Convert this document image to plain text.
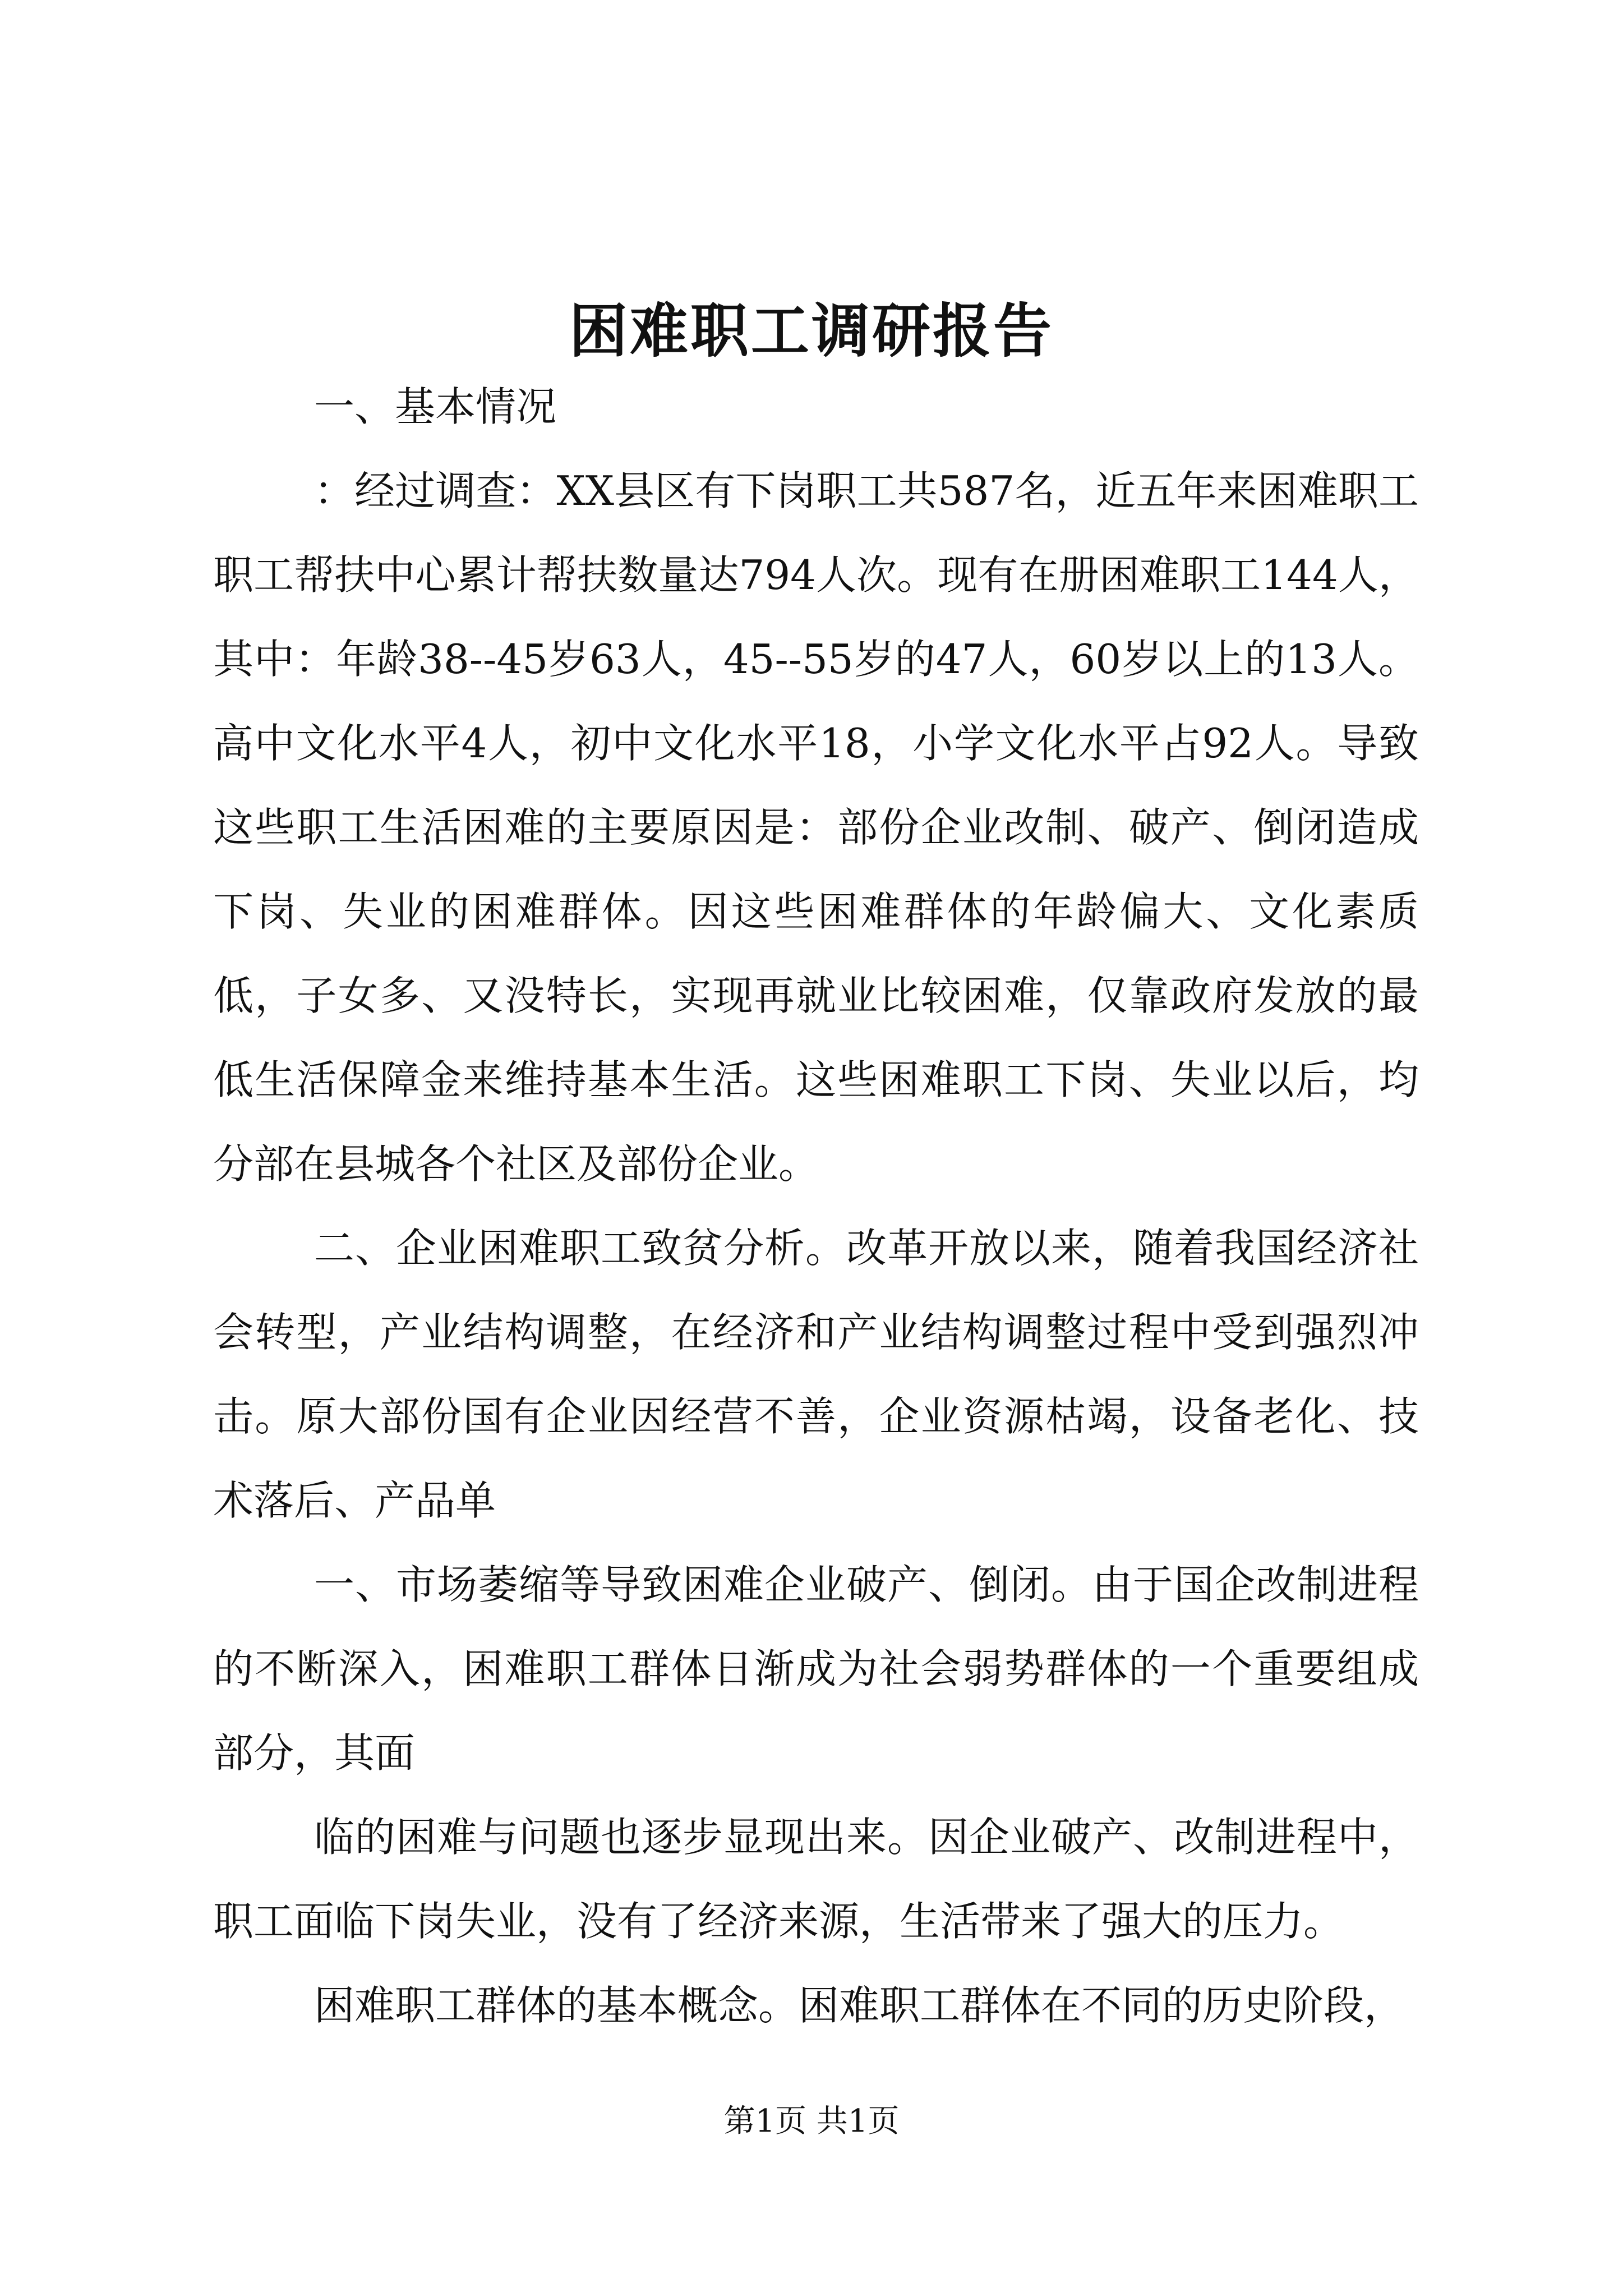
困难职工调研报告

一、基本情况

：经过调查：XX县区有下岗职工共587名，近五年来困难职工职工帮扶中心累计帮扶数量达794人次。现有在册困难职工144人，其中：年龄38--45岁63人，45--55岁的47人，60岁以上的13人。高中文化水平4人，初中文化水平18，小学文化水平占92人。导致这些职工生活困难的主要原因是：部份企业改制、破产、倒闭造成下岗、失业的困难群体。因这些困难群体的年龄偏大、文化素质低，子女多、又没特长，实现再就业比较困难，仅靠政府发放的最低生活保障金来维持基本生活。这些困难职工下岗、失业以后，均分部在县城各个社区及部份企业。

二、企业困难职工致贫分析。改革开放以来，随着我国经济社会转型，产业结构调整，在经济和产业结构调整过程中受到强烈冲击。原大部份国有企业因经营不善，企业资源枯竭，设备老化、技术落后、产品单

一、市场萎缩等导致困难企业破产、倒闭。由于国企改制进程的不断深入，困难职工群体日渐成为社会弱势群体的一个重要组成部分，其面

临的困难与问题也逐步显现出来。因企业破产、改制进程中，职工面临下岗失业，没有了经济来源，生活带来了强大的压力。

困难职工群体的基本概念。困难职工群体在不同的历史阶段，

第1页 共1页
